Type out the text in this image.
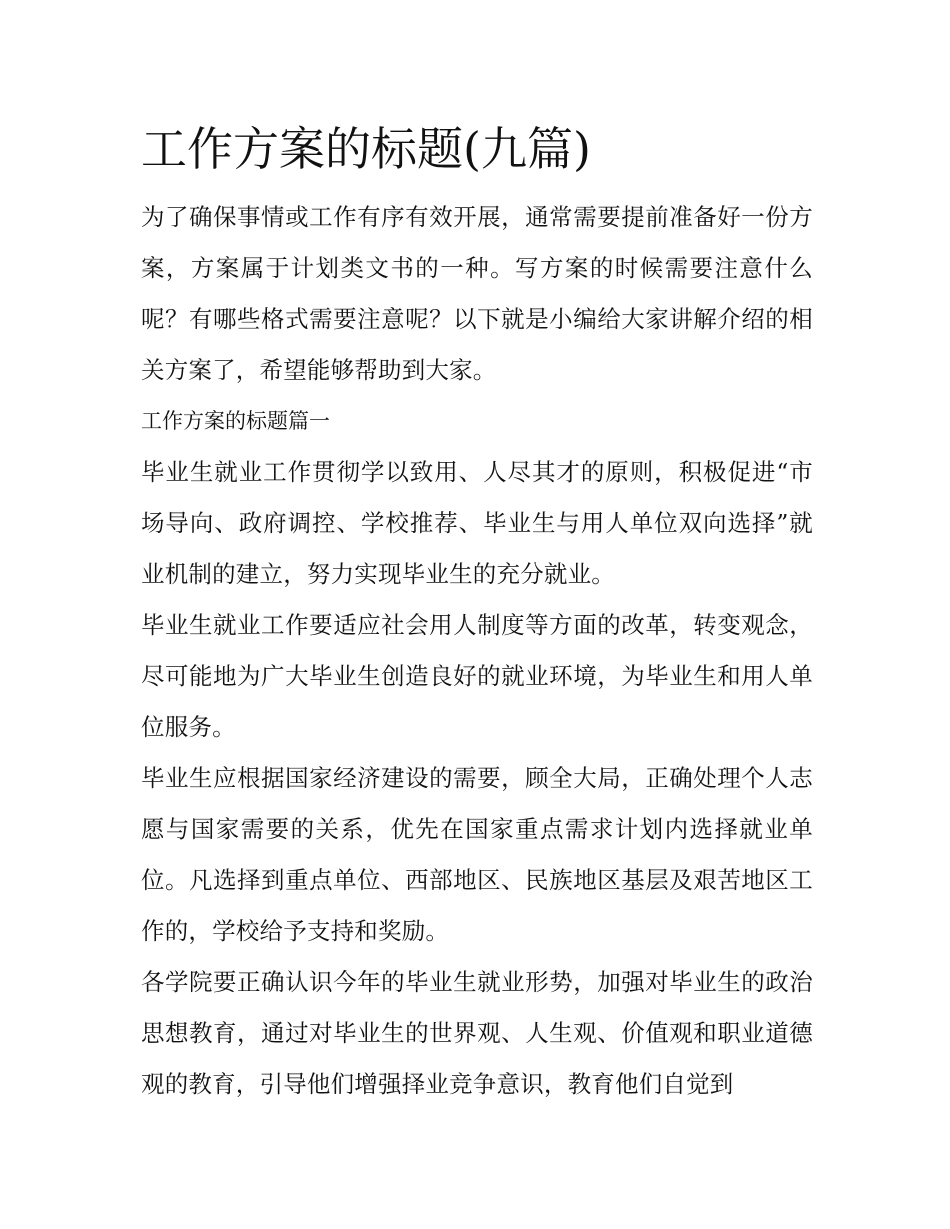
工作方案的标题(九篇)

为了确保事情或工作有序有效开展，通常需要提前准备好一份方案，方案属于计划类文书的一种。写方案的时候需要注意什么呢？有哪些格式需要注意呢？以下就是小编给大家讲解介绍的相关方案了，希望能够帮助到大家。

工作方案的标题篇一

毕业生就业工作贯彻学以致用、人尽其才的原则，积极促进“市场导向、政府调控、学校推荐、毕业生与用人单位双向选择”就业机制的建立，努力实现毕业生的充分就业。

毕业生就业工作要适应社会用人制度等方面的改革，转变观念，尽可能地为广大毕业生创造良好的就业环境，为毕业生和用人单位服务。

毕业生应根据国家经济建设的需要，顾全大局，正确处理个人志愿与国家需要的关系，优先在国家重点需求计划内选择就业单位。凡选择到重点单位、西部地区、民族地区基层及艰苦地区工作的，学校给予支持和奖励。

各学院要正确认识今年的毕业生就业形势，加强对毕业生的政治思想教育，通过对毕业生的世界观、人生观、价值观和职业道德观的教育，引导他们增强择业竞争意识，教育他们自觉到
